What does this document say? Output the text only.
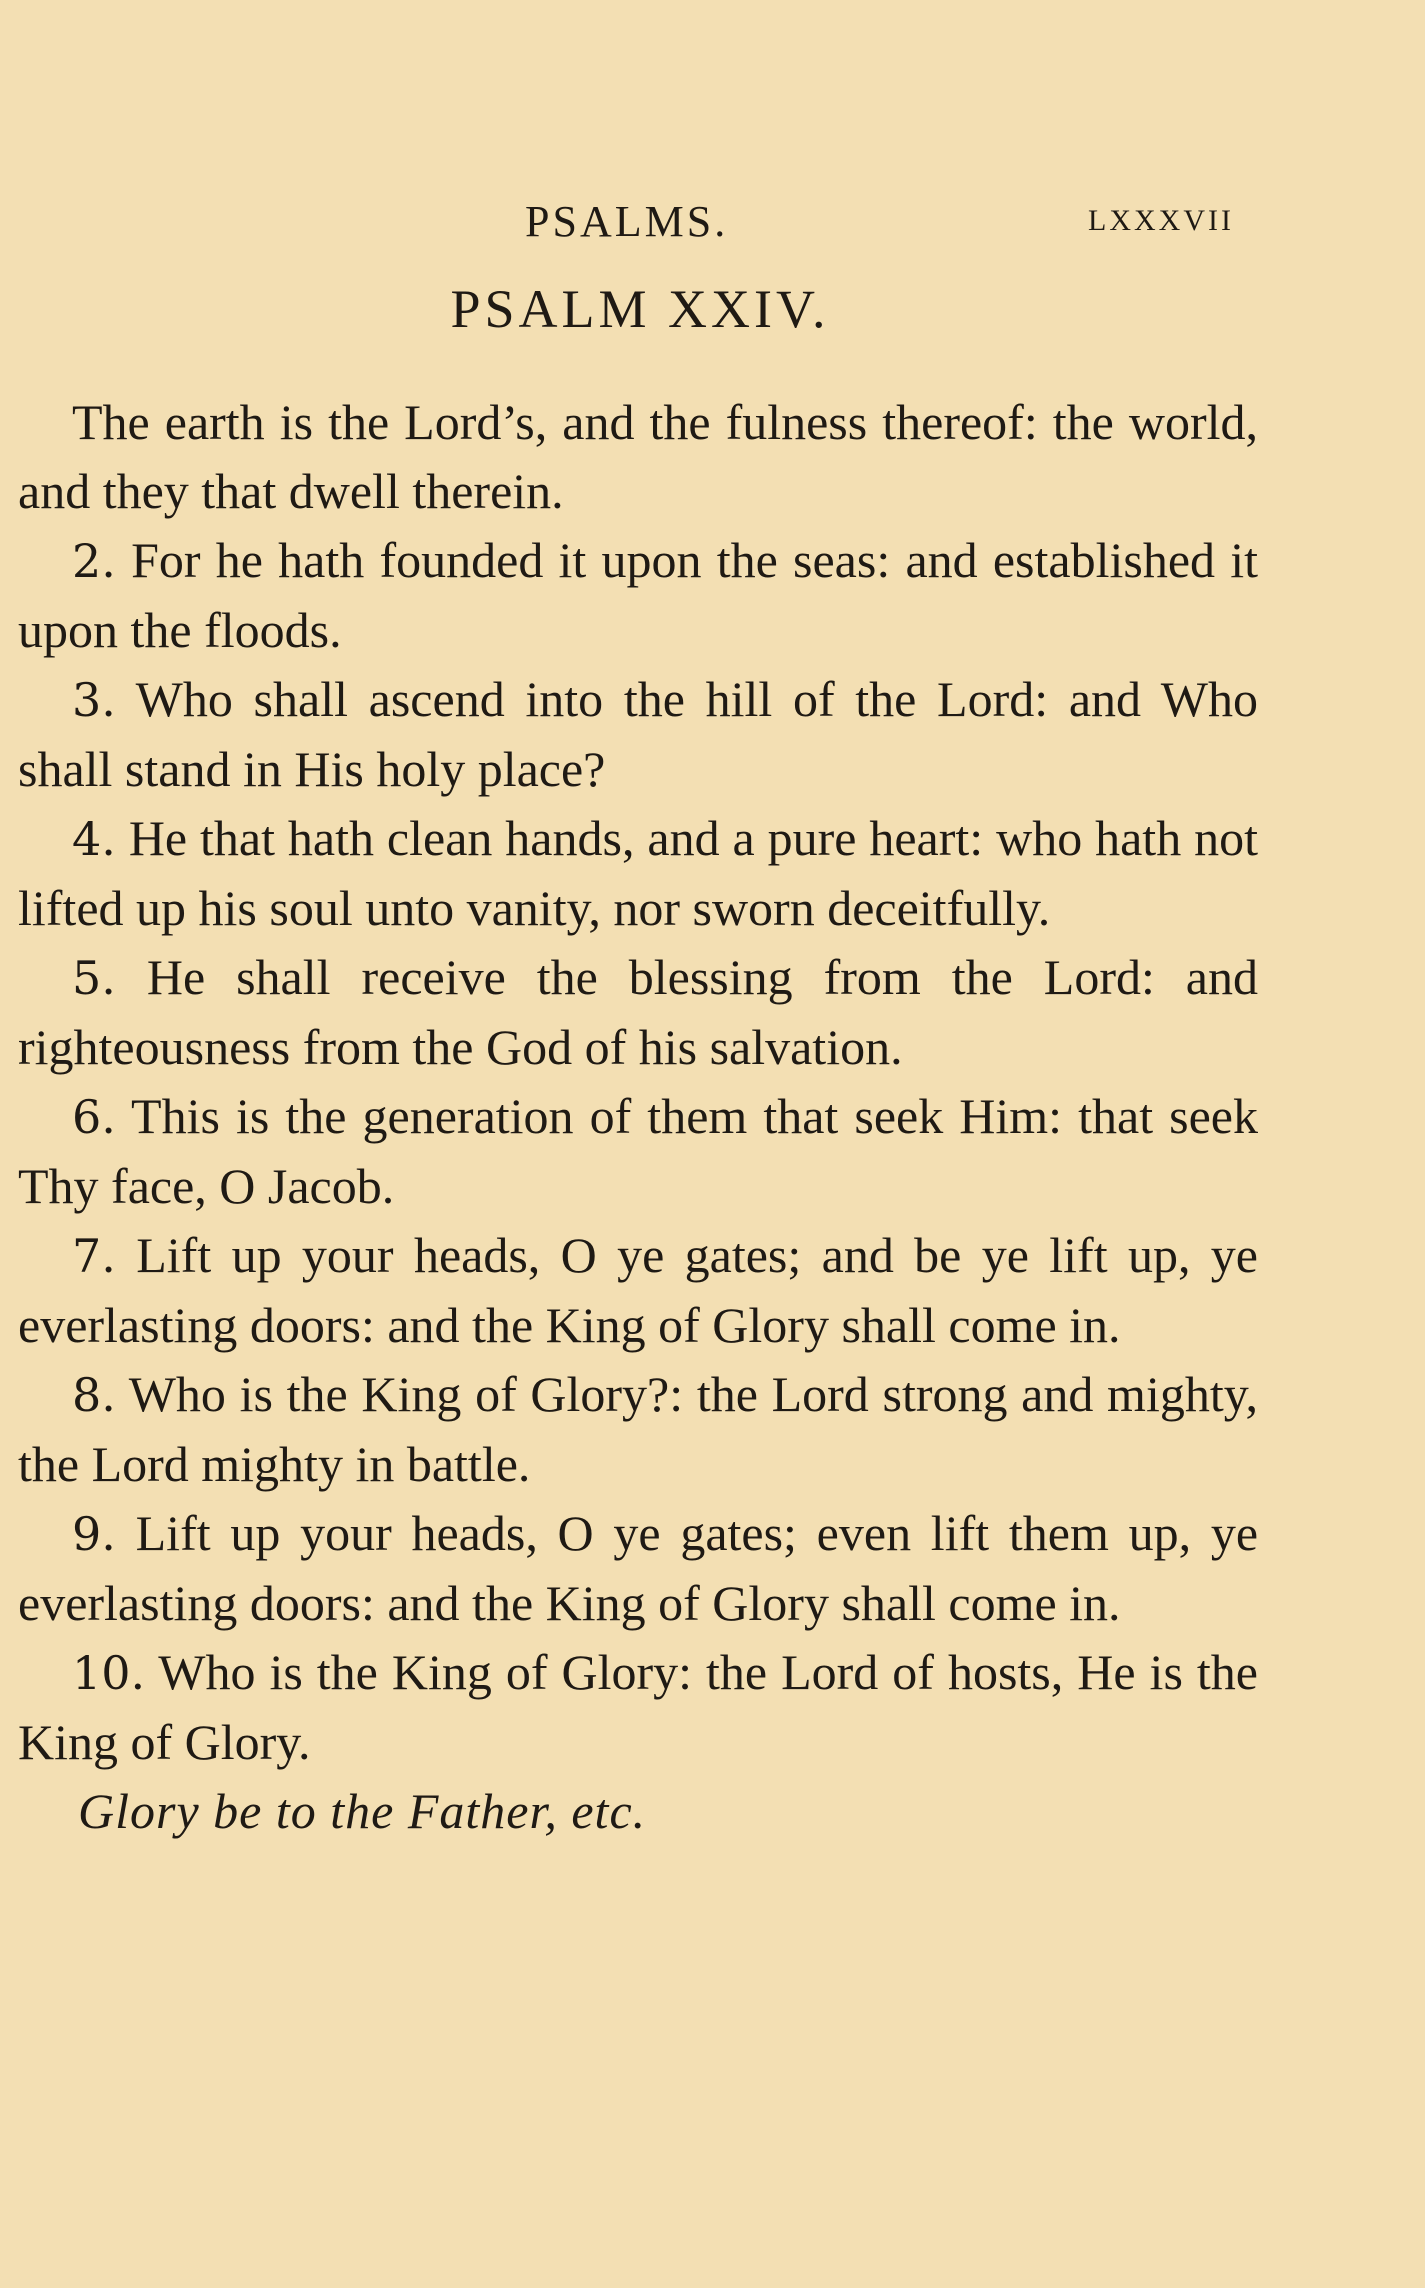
PSALMS.	LXXXVII
PSALM XXIV.

The earth is the Lord’s, and the fulness thereof: the world, and they that dwell therein.

2. For he hath founded it upon the seas: and established it upon the floods.

3. Who shall ascend into the hill of the Lord: and Who shall stand in His holy place?

4. He that hath clean hands, and a pure heart: who hath not lifted up his soul unto vanity, nor sworn deceitfully.

5. He shall receive the blessing from the Lord: and righteousness from the God of his salvation.

6. This is the generation of them that seek Him: that seek Thy face, O Jacob.

7. Lift up your heads, O ye gates; and be ye lift up, ye everlasting doors: and the King of Glory shall come in.

8. Who is the King of Glory?: the Lord strong and mighty, the Lord mighty in battle.

9. Lift up your heads, O ye gates; even lift them up, ye everlasting doors: and the King of Glory shall come in.

10. Who is the King of Glory: the Lord of hosts, He is the King of Glory.

Glory be to the Father, etc.
